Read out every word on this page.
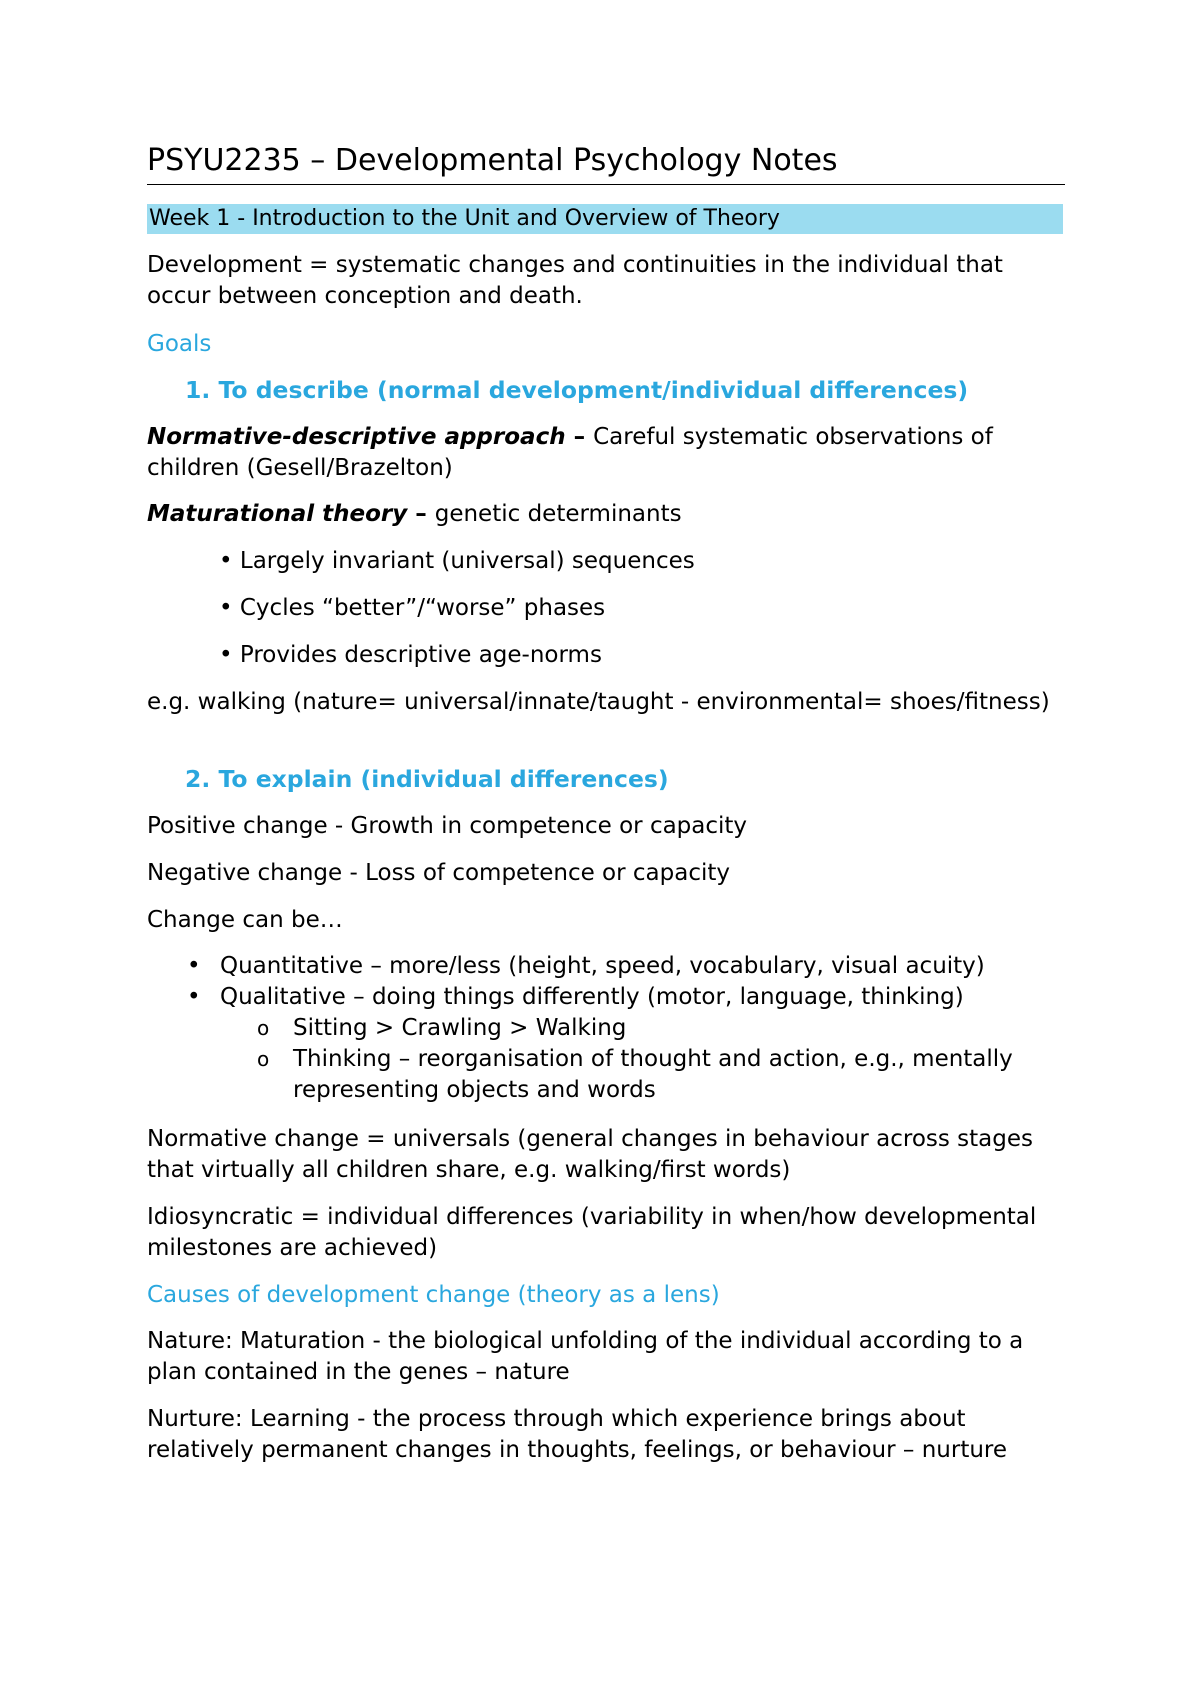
PSYU2235 – Developmental Psychology Notes
Week 1 - Introduction to the Unit and Overview of Theory
Development = systematic changes and continuities in the individual that occur between conception and death.
Goals
1. To describe (normal development/individual differences)
Normative-descriptive approach – Careful systematic observations of children (Gesell/Brazelton)
Maturational theory – genetic determinants
• Largely invariant (universal) sequences
• Cycles “better”/“worse” phases
• Provides descriptive age-norms
e.g. walking (nature= universal/innate/taught - environmental= shoes/fitness)
2. To explain (individual differences)
Positive change - Growth in competence or capacity
Negative change - Loss of competence or capacity
Change can be…
• Quantitative – more/less (height, speed, vocabulary, visual acuity)
• Qualitative – doing things differently (motor, language, thinking)
o Sitting > Crawling > Walking
o Thinking – reorganisation of thought and action, e.g., mentally representing objects and words
Normative change = universals (general changes in behaviour across stages that virtually all children share, e.g. walking/first words)
Idiosyncratic = individual differences (variability in when/how developmental milestones are achieved)
Causes of development change (theory as a lens)
Nature: Maturation - the biological unfolding of the individual according to a plan contained in the genes – nature
Nurture: Learning - the process through which experience brings about relatively permanent changes in thoughts, feelings, or behaviour – nurture
